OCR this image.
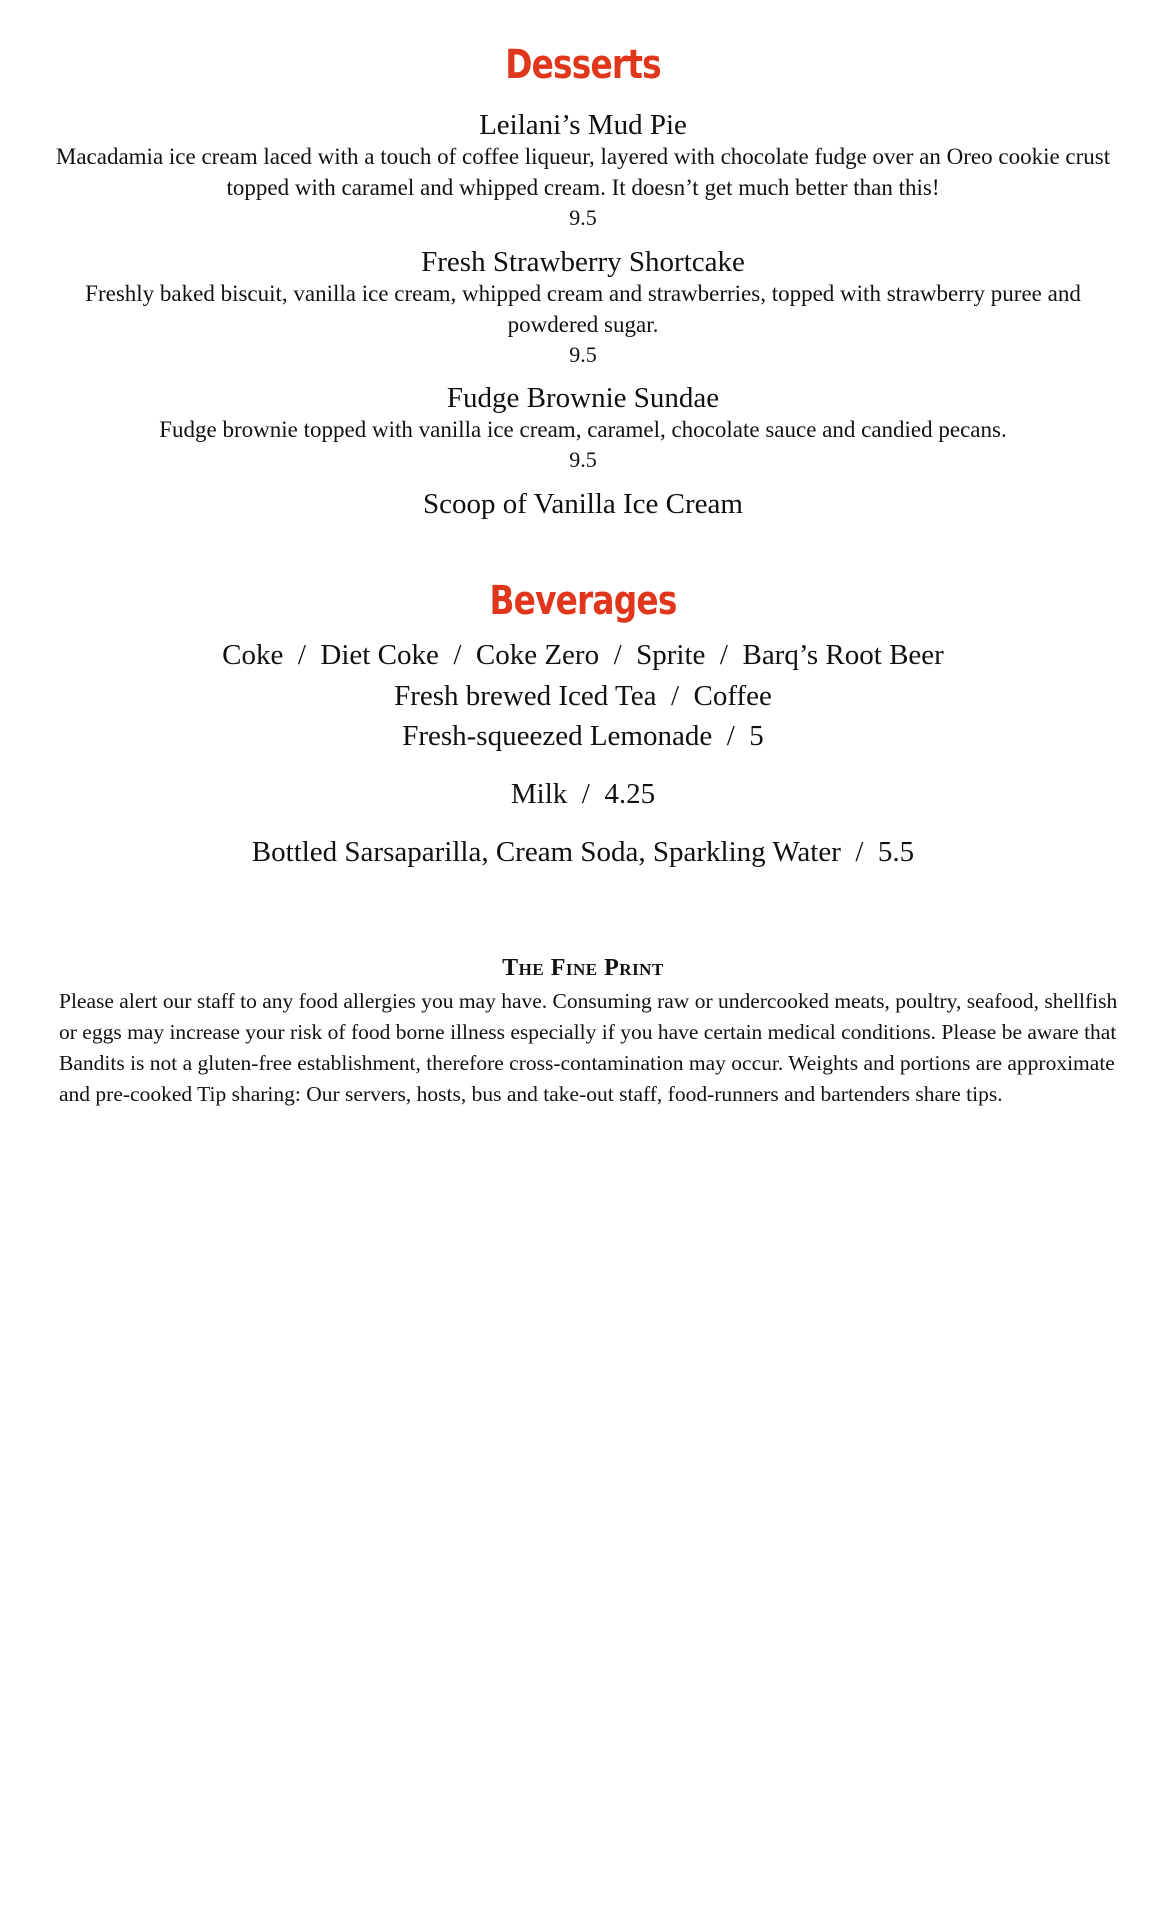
Desserts
Leilani’s Mud Pie
Macadamia ice cream laced with a touch of coffee liqueur, layered with chocolate fudge over an Oreo cookie crust topped with caramel and whipped cream. It doesn’t get much better than this!
9.5
Fresh Strawberry Shortcake
Freshly baked biscuit, vanilla ice cream, whipped cream and strawberries, topped with strawberry puree and powdered sugar.
9.5
Fudge Brownie Sundae
Fudge brownie topped with vanilla ice cream, caramel, chocolate sauce and candied pecans.
9.5
Scoop of Vanilla Ice Cream
Beverages
Coke  /  Diet Coke  /  Coke Zero  /  Sprite  /  Barq’s Root Beer
Fresh brewed Iced Tea  /  Coffee
Fresh-squeezed Lemonade  /  5
Milk  /  4.25
Bottled Sarsaparilla, Cream Soda, Sparkling Water  /  5.5
The Fine Print
Please alert our staff to any food allergies you may have. Consuming raw or undercooked meats, poultry, seafood, shellfish or eggs may increase your risk of food borne illness especially if you have certain medical conditions. Please be aware that Bandits is not a gluten-free establishment, therefore cross-contamination may occur. Weights and portions are approximate and pre-cooked Tip sharing: Our servers, hosts, bus and take-out staff, food-runners and bartenders share tips.
